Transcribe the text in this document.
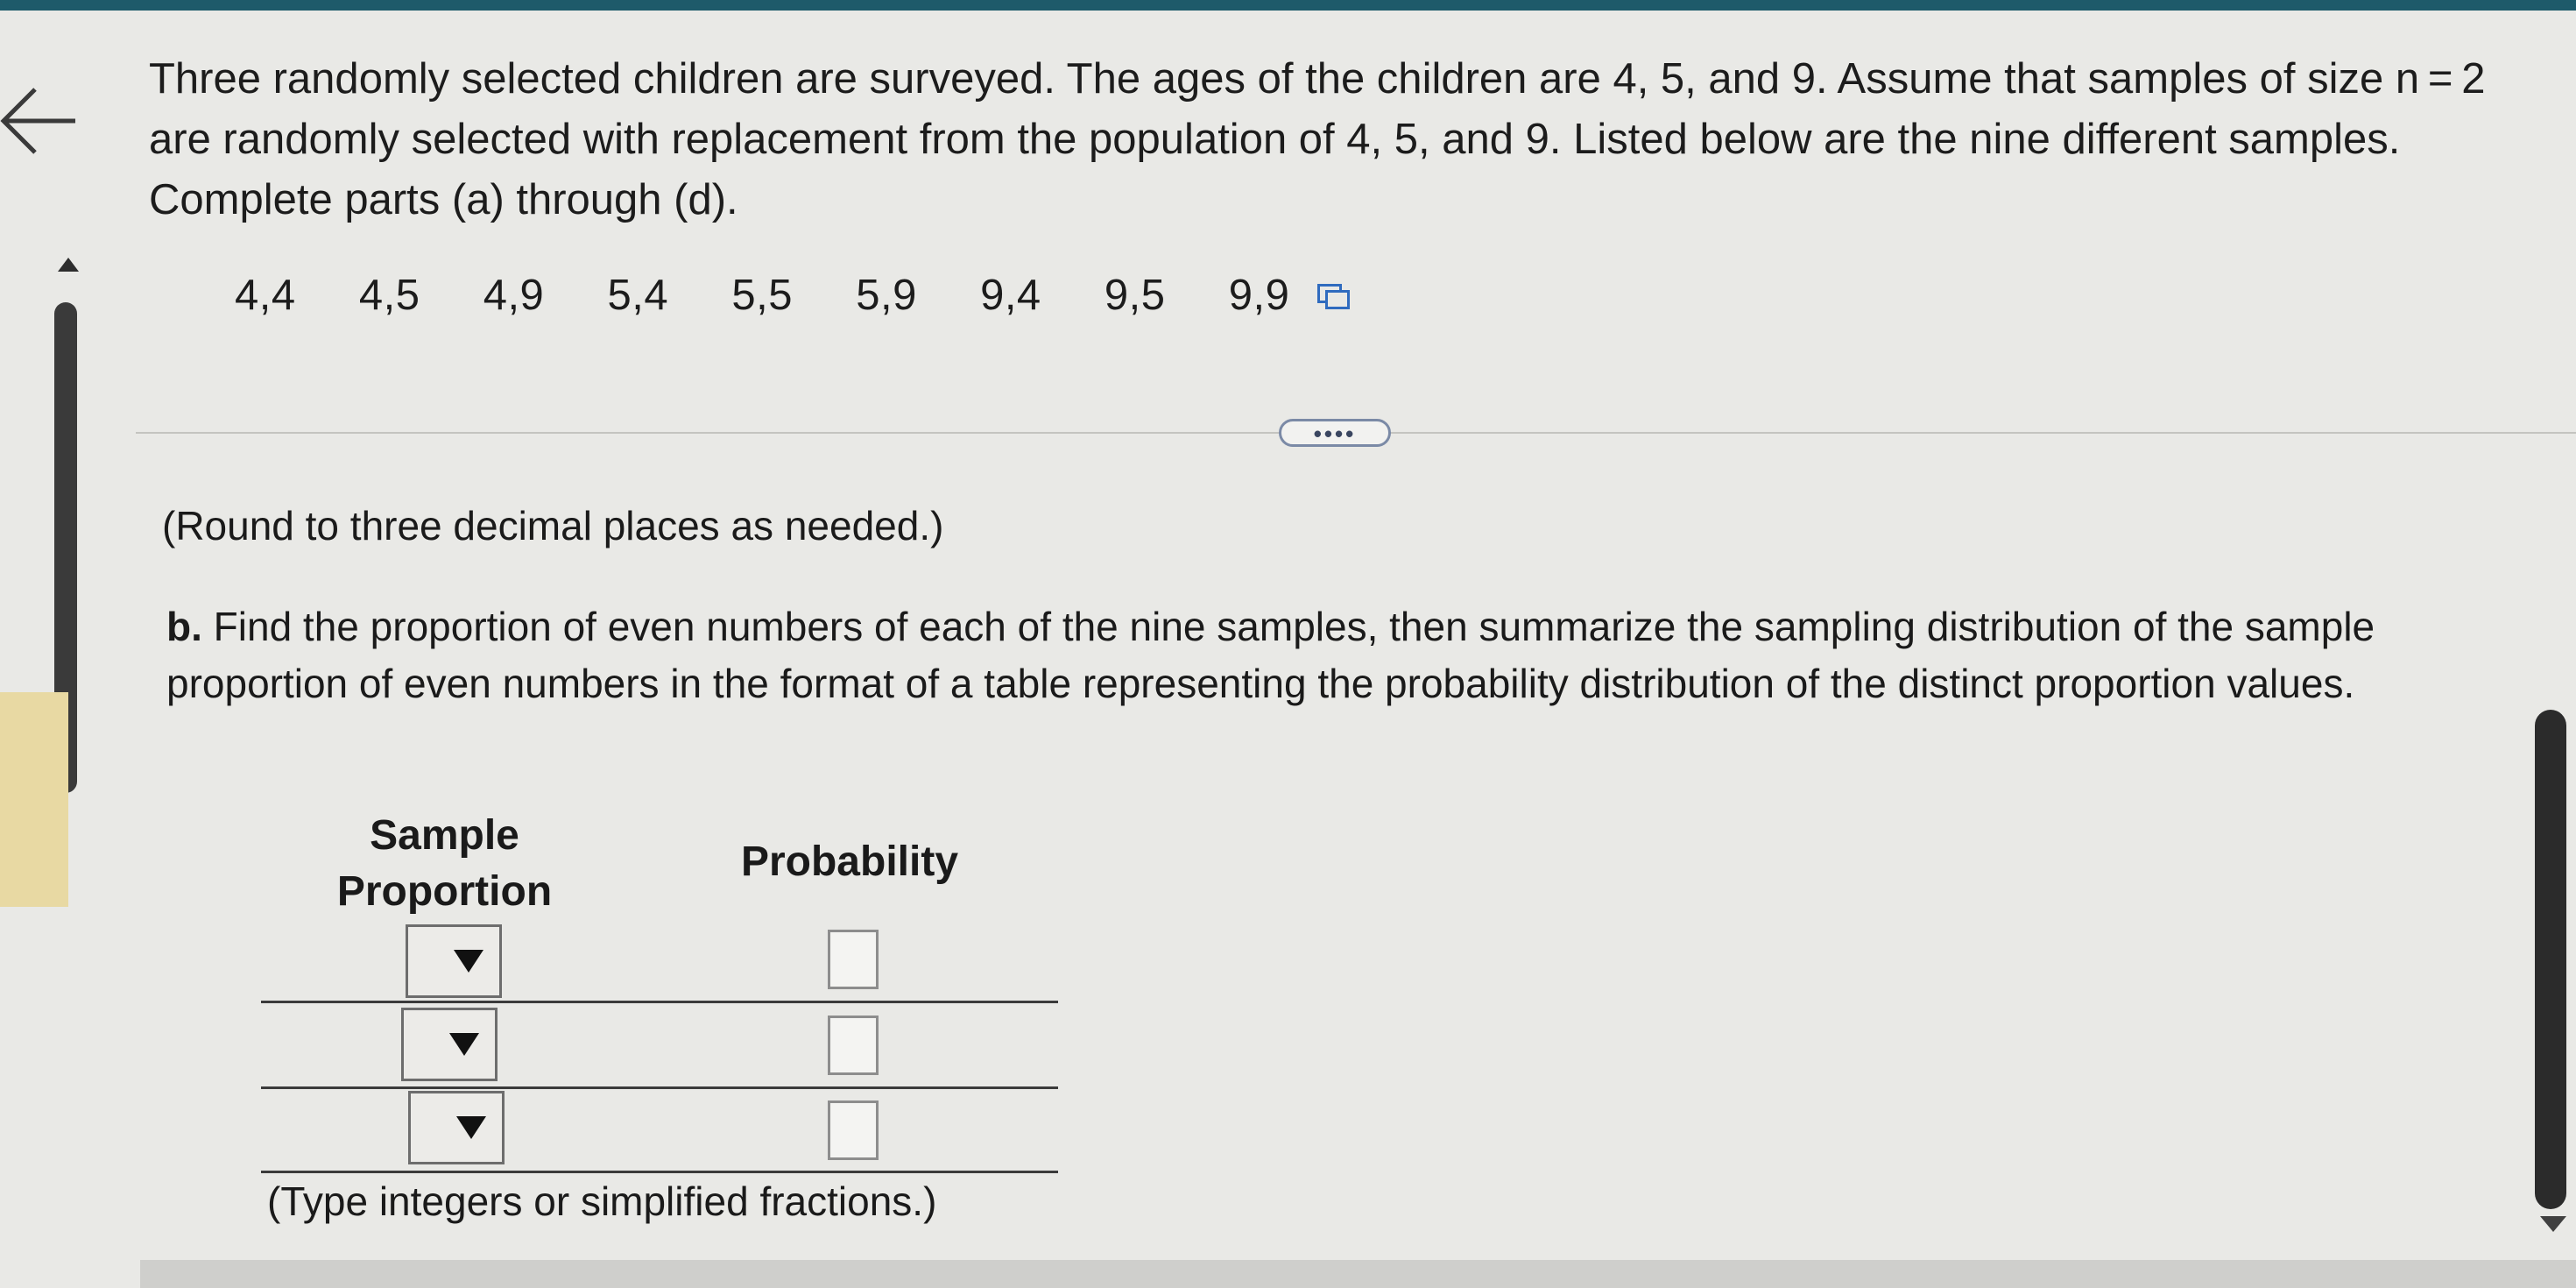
Three randomly selected children are surveyed. The ages of the children are 4, 5, and 9. Assume that samples of size n = 2 are randomly selected with replacement from the population of 4, 5, and 9. Listed below are the nine different samples. Complete parts (a) through (d).
4,4  4,5  4,9  5,4  5,5  5,9  9,4  9,5  9,9
••••
(Round to three decimal places as needed.)
b. Find the proportion of even numbers of each of the nine samples, then summarize the sampling distribution of the sample proportion of even numbers in the format of a table representing the probability distribution of the distinct proportion values.
Sample Proportion
Probability
(Type integers or simplified fractions.)
